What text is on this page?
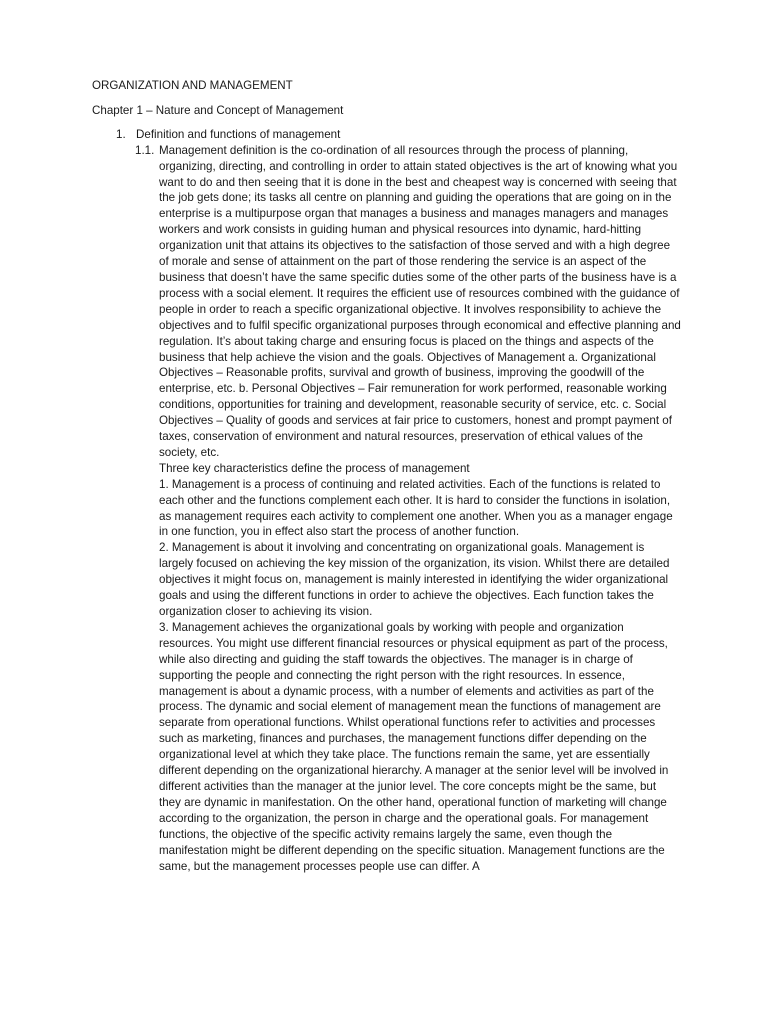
ORGANIZATION AND MANAGEMENT
Chapter 1 – Nature and Concept of Management
1. Definition and functions of management
1.1. Management definition is the co-ordination of all resources through the process of planning, organizing, directing, and controlling in order to attain stated objectives is the art of knowing what you want to do and then seeing that it is done in the best and cheapest way is concerned with seeing that the job gets done; its tasks all centre on planning and guiding the operations that are going on in the enterprise is a multipurpose organ that manages a business and manages managers and manages workers and work consists in guiding human and physical resources into dynamic, hard-hitting organization unit that attains its objectives to the satisfaction of those served and with a high degree of morale and sense of attainment on the part of those rendering the service is an aspect of the business that doesn’t have the same specific duties some of the other parts of the business have is a process with a social element. It requires the efficient use of resources combined with the guidance of people in order to reach a specific organizational objective. It involves responsibility to achieve the objectives and to fulfil specific organizational purposes through economical and effective planning and regulation. It’s about taking charge and ensuring focus is placed on the things and aspects of the business that help achieve the vision and the goals. Objectives of Management a. Organizational Objectives – Reasonable profits, survival and growth of business, improving the goodwill of the enterprise, etc. b. Personal Objectives – Fair remuneration for work performed, reasonable working conditions, opportunities for training and development, reasonable security of service, etc. c. Social Objectives – Quality of goods and services at fair price to customers, honest and prompt payment of taxes, conservation of environment and natural resources, preservation of ethical values of the society, etc.

Three key characteristics define the process of management

1. Management is a process of continuing and related activities. Each of the functions is related to each other and the functions complement each other. It is hard to consider the functions in isolation, as management requires each activity to complement one another. When you as a manager engage in one function, you in effect also start the process of another function.

2. Management is about it involving and concentrating on organizational goals. Management is largely focused on achieving the key mission of the organization, its vision. Whilst there are detailed objectives it might focus on, management is mainly interested in identifying the wider organizational goals and using the different functions in order to achieve the objectives. Each function takes the organization closer to achieving its vision.

3. Management achieves the organizational goals by working with people and organization resources. You might use different financial resources or physical equipment as part of the process, while also directing and guiding the staff towards the objectives. The manager is in charge of supporting the people and connecting the right person with the right resources. In essence, management is about a dynamic process, with a number of elements and activities as part of the process. The dynamic and social element of management mean the functions of management are separate from operational functions. Whilst operational functions refer to activities and processes such as marketing, finances and purchases, the management functions differ depending on the organizational level at which they take place. The functions remain the same, yet are essentially different depending on the organizational hierarchy. A manager at the senior level will be involved in different activities than the manager at the junior level. The core concepts might be the same, but they are dynamic in manifestation. On the other hand, operational function of marketing will change according to the organization, the person in charge and the operational goals. For management functions, the objective of the specific activity remains largely the same, even though the manifestation might be different depending on the specific situation. Management functions are the same, but the management processes people use can differ. A
